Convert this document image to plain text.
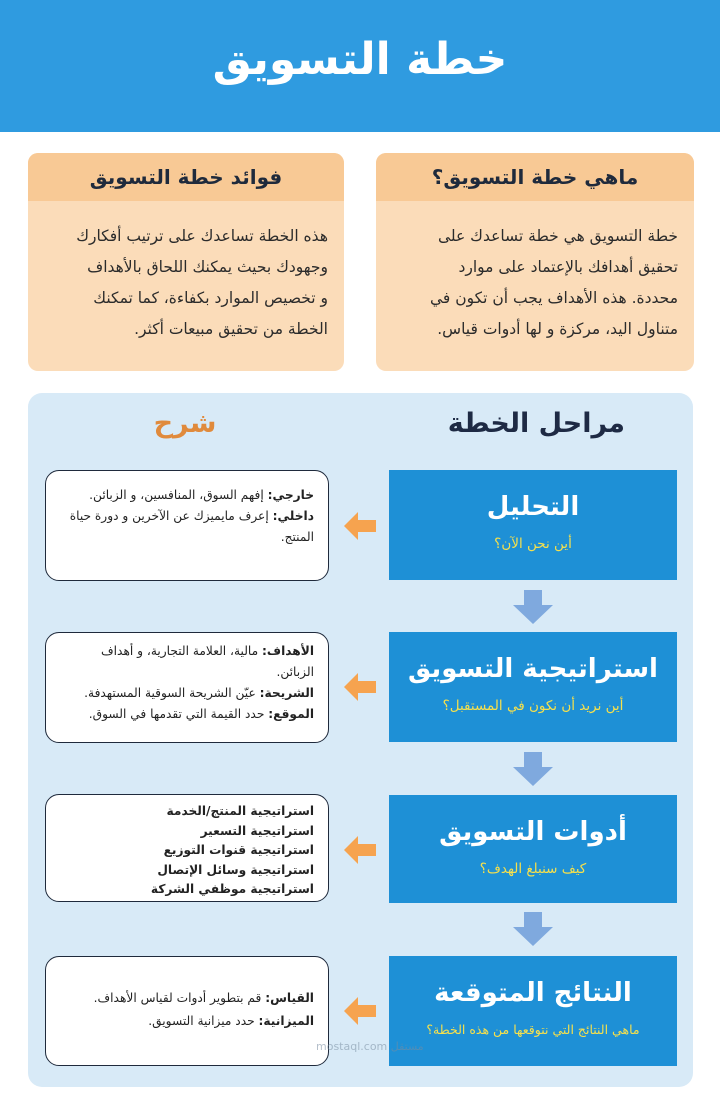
خطة التسويق
ماهي خطة التسويق؟
خطة التسويق هي خطة تساعدك على
تحقيق أهدافك بالإعتماد على موارد
محددة. هذه الأهداف يجب أن تكون في
متناول اليد، مركزة و لها أدوات قياس.
فوائد خطة التسويق
هذه الخطة تساعدك على ترتيب أفكارك
وجهودك بحيث يمكنك اللحاق بالأهداف
و تخصيص الموارد بكفاءة، كما تمكنك
الخطة من تحقيق مبيعات أكثر.
مراحل الخطة
شرح
التحليل
أين نحن الآن؟
خارجي: إفهم السوق، المنافسين، و الزبائن.
داخلي: إعرف مايميزك عن الآخرين و دورة حياة
المنتج.
استراتيجية التسويق
أين نريد أن نكون في المستقبل؟
الأهداف: مالية، العلامة التجارية، و أهداف
الزبائن.
الشريحة: عيّن الشريحة السوقية المستهدفة.
الموقع: حدد القيمة التي تقدمها في السوق.
أدوات التسويق
كيف سنبلغ الهدف؟
استراتيجية المنتج/الخدمة
استراتيجية التسعير
استراتيجية قنوات التوزيع
استراتيجية وسائل الإتصال
استراتيجية موظفي الشركة
النتائج المتوقعة
ماهي النتائج التي نتوقعها من هذه الخطة؟
القياس: قم بتطوير أدوات لقياس الأهداف.
الميزانية: حدد ميزانية التسويق.
مستقل mostaql.com
